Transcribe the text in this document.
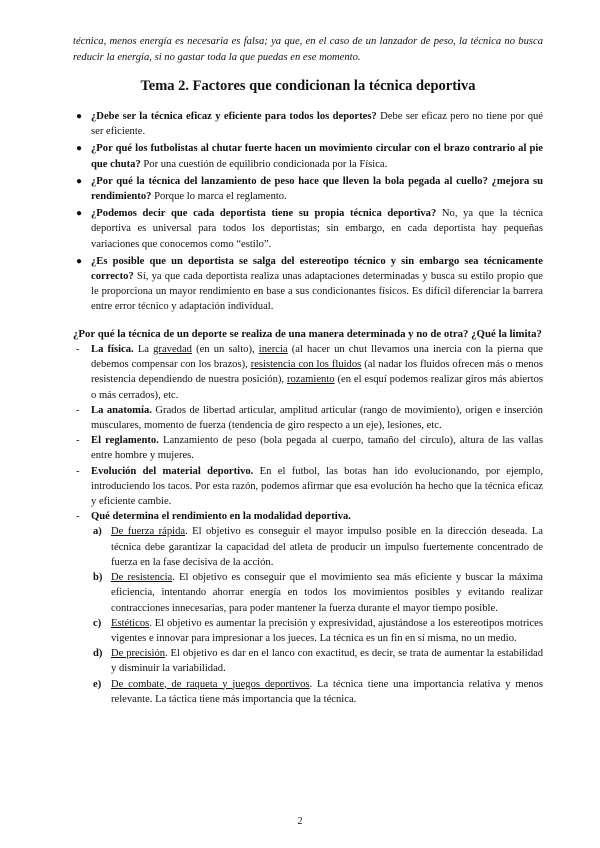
técnica, menos energía es necesaria es falsa; ya que, en el caso de un lanzador de peso, la técnica no busca reducir la energía, si no gastar toda la que puedas en ese momento.

Tema 2. Factores que condicionan la técnica deportiva
● ¿Debe ser la técnica eficaz y eficiente para todos los deportes? Debe ser eficaz pero no tiene por qué ser eficiente.
● ¿Por qué los futbolistas al chutar fuerte hacen un movimiento circular con el brazo contrario al pie que chuta? Por una cuestión de equilibrio condicionada por la Física.
● ¿Por qué la técnica del lanzamiento de peso hace que lleven la bola pegada al cuello? ¿mejora su rendimiento? Porque lo marca el reglamento.
● ¿Podemos decir que cada deportista tiene su propia técnica deportiva? No, ya que la técnica deportiva es universal para todos los deportistas; sin embargo, en cada deportista hay pequeñas variaciones que conocemos como “estilo”.
● ¿Es posible que un deportista se salga del estereotipo técnico y sin embargo sea técnicamente correcto? Sí, ya que cada deportista realiza unas adaptaciones determinadas y busca su estilo propio que le proporciona un mayor rendimiento en base a sus condicionantes físicos. Es difícil diferenciar la barrera entre error técnico y adaptación individual.
¿Por qué la técnica de un deporte se realiza de una manera determinada y no de otra? ¿Qué la limita?
- La física. La gravedad (en un salto), inercia (al hacer un chut llevamos una inercia con la pierna que debemos compensar con los brazos), resistencia con los fluidos (al nadar los fluidos ofrecen más o menos resistencia dependiendo de nuestra posición), rozamiento (en el esquí podemos realizar giros más abiertos o más cerrados), etc.
- La anatomía. Grados de libertad articular, amplitud articular (rango de movimiento), origen e inserción musculares, momento de fuerza (tendencia de giro respecto a un eje), lesiones, etc.
- El reglamento. Lanzamiento de peso (bola pegada al cuerpo, tamaño del círculo), altura de las vallas entre hombre y mujeres.
- Evolución del material deportivo. En el futbol, las botas han ido evolucionando, por ejemplo, introduciendo los tacos. Por esta razón, podemos afirmar que esa evolución ha hecho que la técnica eficaz y eficiente cambie.
- Qué determina el rendimiento en la modalidad deportiva.
a) De fuerza rápida. El objetivo es conseguir el mayor impulso posible en la dirección deseada. La técnica debe garantizar la capacidad del atleta de producir un impulso fuertemente concentrado de fuerza en la fase decisiva de la acción.
b) De resistencia. El objetivo es conseguir que el movimiento sea más eficiente y buscar la máxima eficiencia, intentando ahorrar energía en todos los movimientos posibles y evitando realizar contracciones innecesarias, para poder mantener la fuerza durante el mayor tiempo posible.
c) Estéticos. El objetivo es aumentar la precisión y expresividad, ajustándose a los estereotipos motrices vigentes e innovar para impresionar a los jueces. La técnica es un fin en sí misma, no un medio.
d) De precisión. El objetivo es dar en el lanco con exactitud, es decir, se trata de aumentar la estabilidad y disminuir la variabilidad.
e) De combate, de raqueta y juegos deportivos. La técnica tiene una importancia relativa y menos relevante. La táctica tiene más importancia que la técnica.
2
